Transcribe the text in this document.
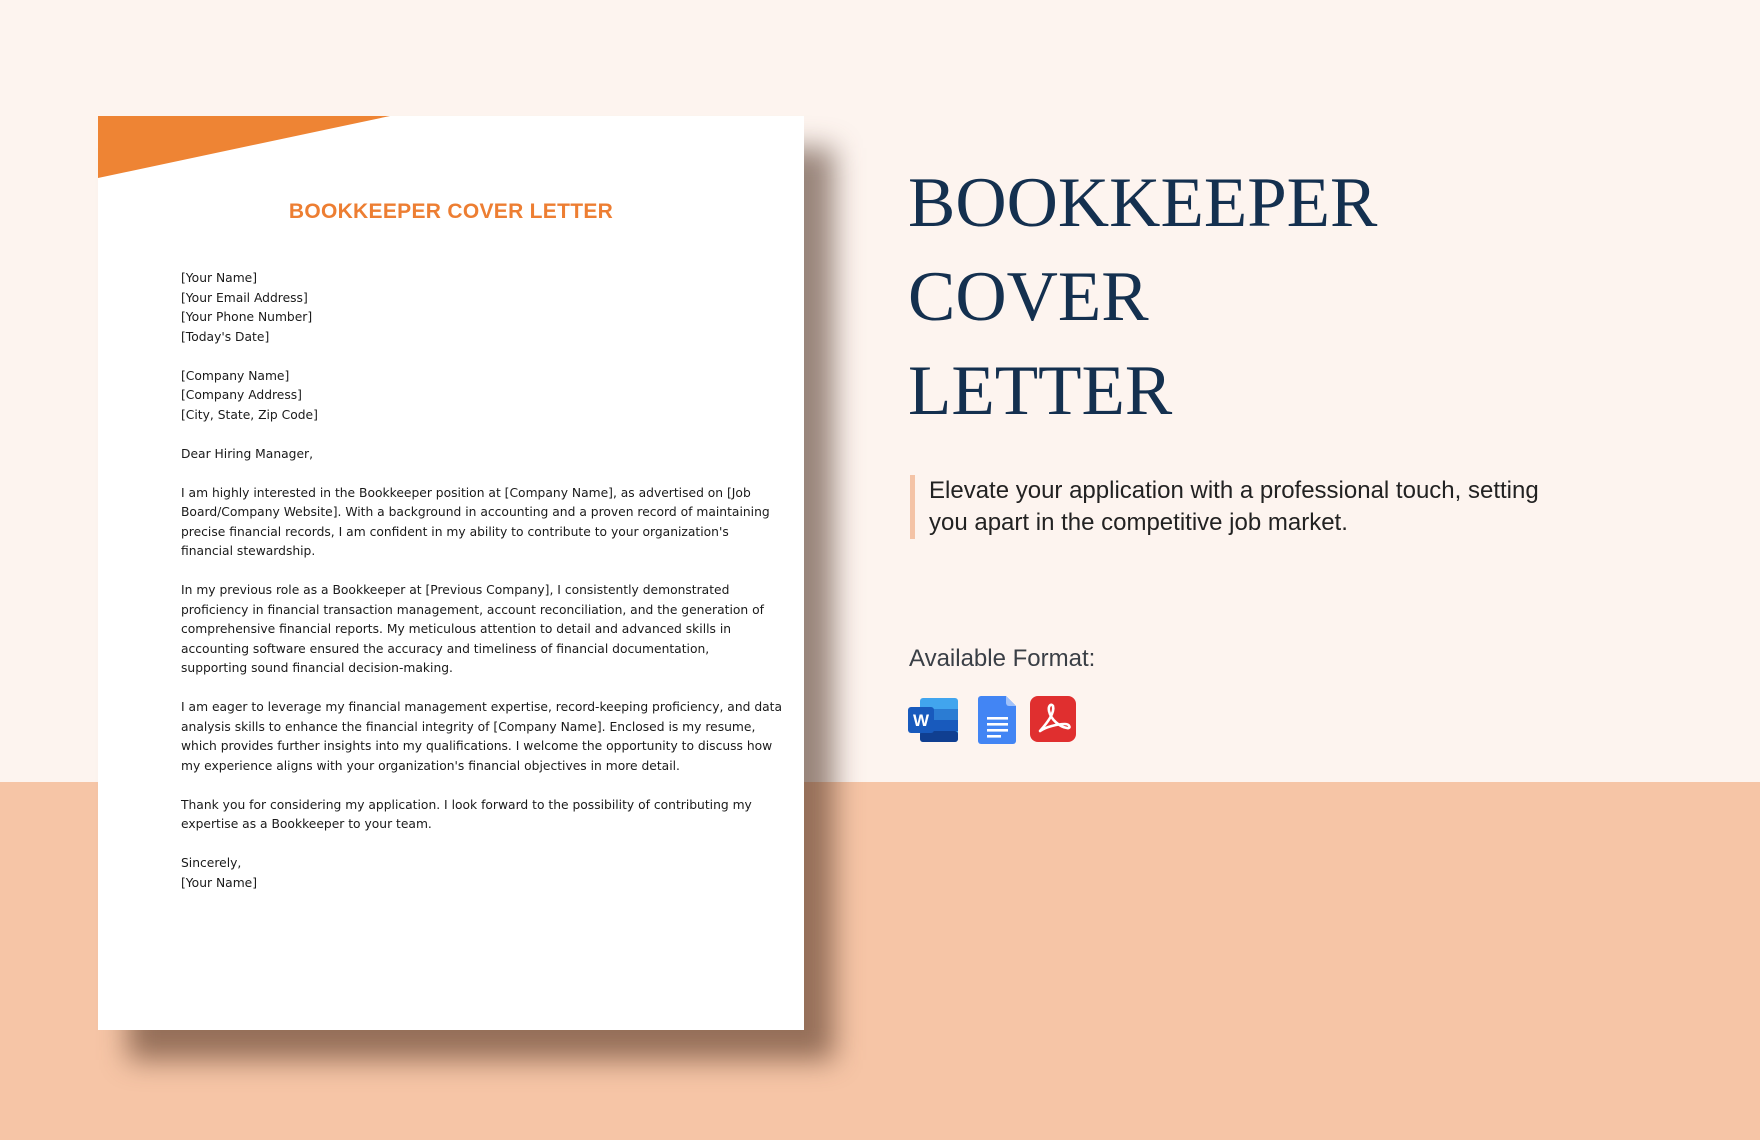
BOOKKEEPER COVER LETTER
[Your Name]
[Your Email Address]
[Your Phone Number]
[Today's Date]
[Company Name]
[Company Address]
[City, State, Zip Code]

Dear Hiring Manager,

I am highly interested in the Bookkeeper position at [Company Name], as advertised on [Job
Board/Company Website]. With a background in accounting and a proven record of maintaining
precise financial records, I am confident in my ability to contribute to your organization's
financial stewardship.

In my previous role as a Bookkeeper at [Previous Company], I consistently demonstrated
proficiency in financial transaction management, account reconciliation, and the generation of
comprehensive financial reports. My meticulous attention to detail and advanced skills in
accounting software ensured the accuracy and timeliness of financial documentation,
supporting sound financial decision-making.

I am eager to leverage my financial management expertise, record-keeping proficiency, and data
analysis skills to enhance the financial integrity of [Company Name]. Enclosed is my resume,
which provides further insights into my qualifications. I welcome the opportunity to discuss how
my experience aligns with your organization's financial objectives in more detail.

Thank you for considering my application. I look forward to the possibility of contributing my
expertise as a Bookkeeper to your team.

Sincerely,
[Your Name]
BOOKKEEPER
COVER
LETTER
Elevate your application with a professional touch, setting you apart in the competitive job market.
Available Format:
W
